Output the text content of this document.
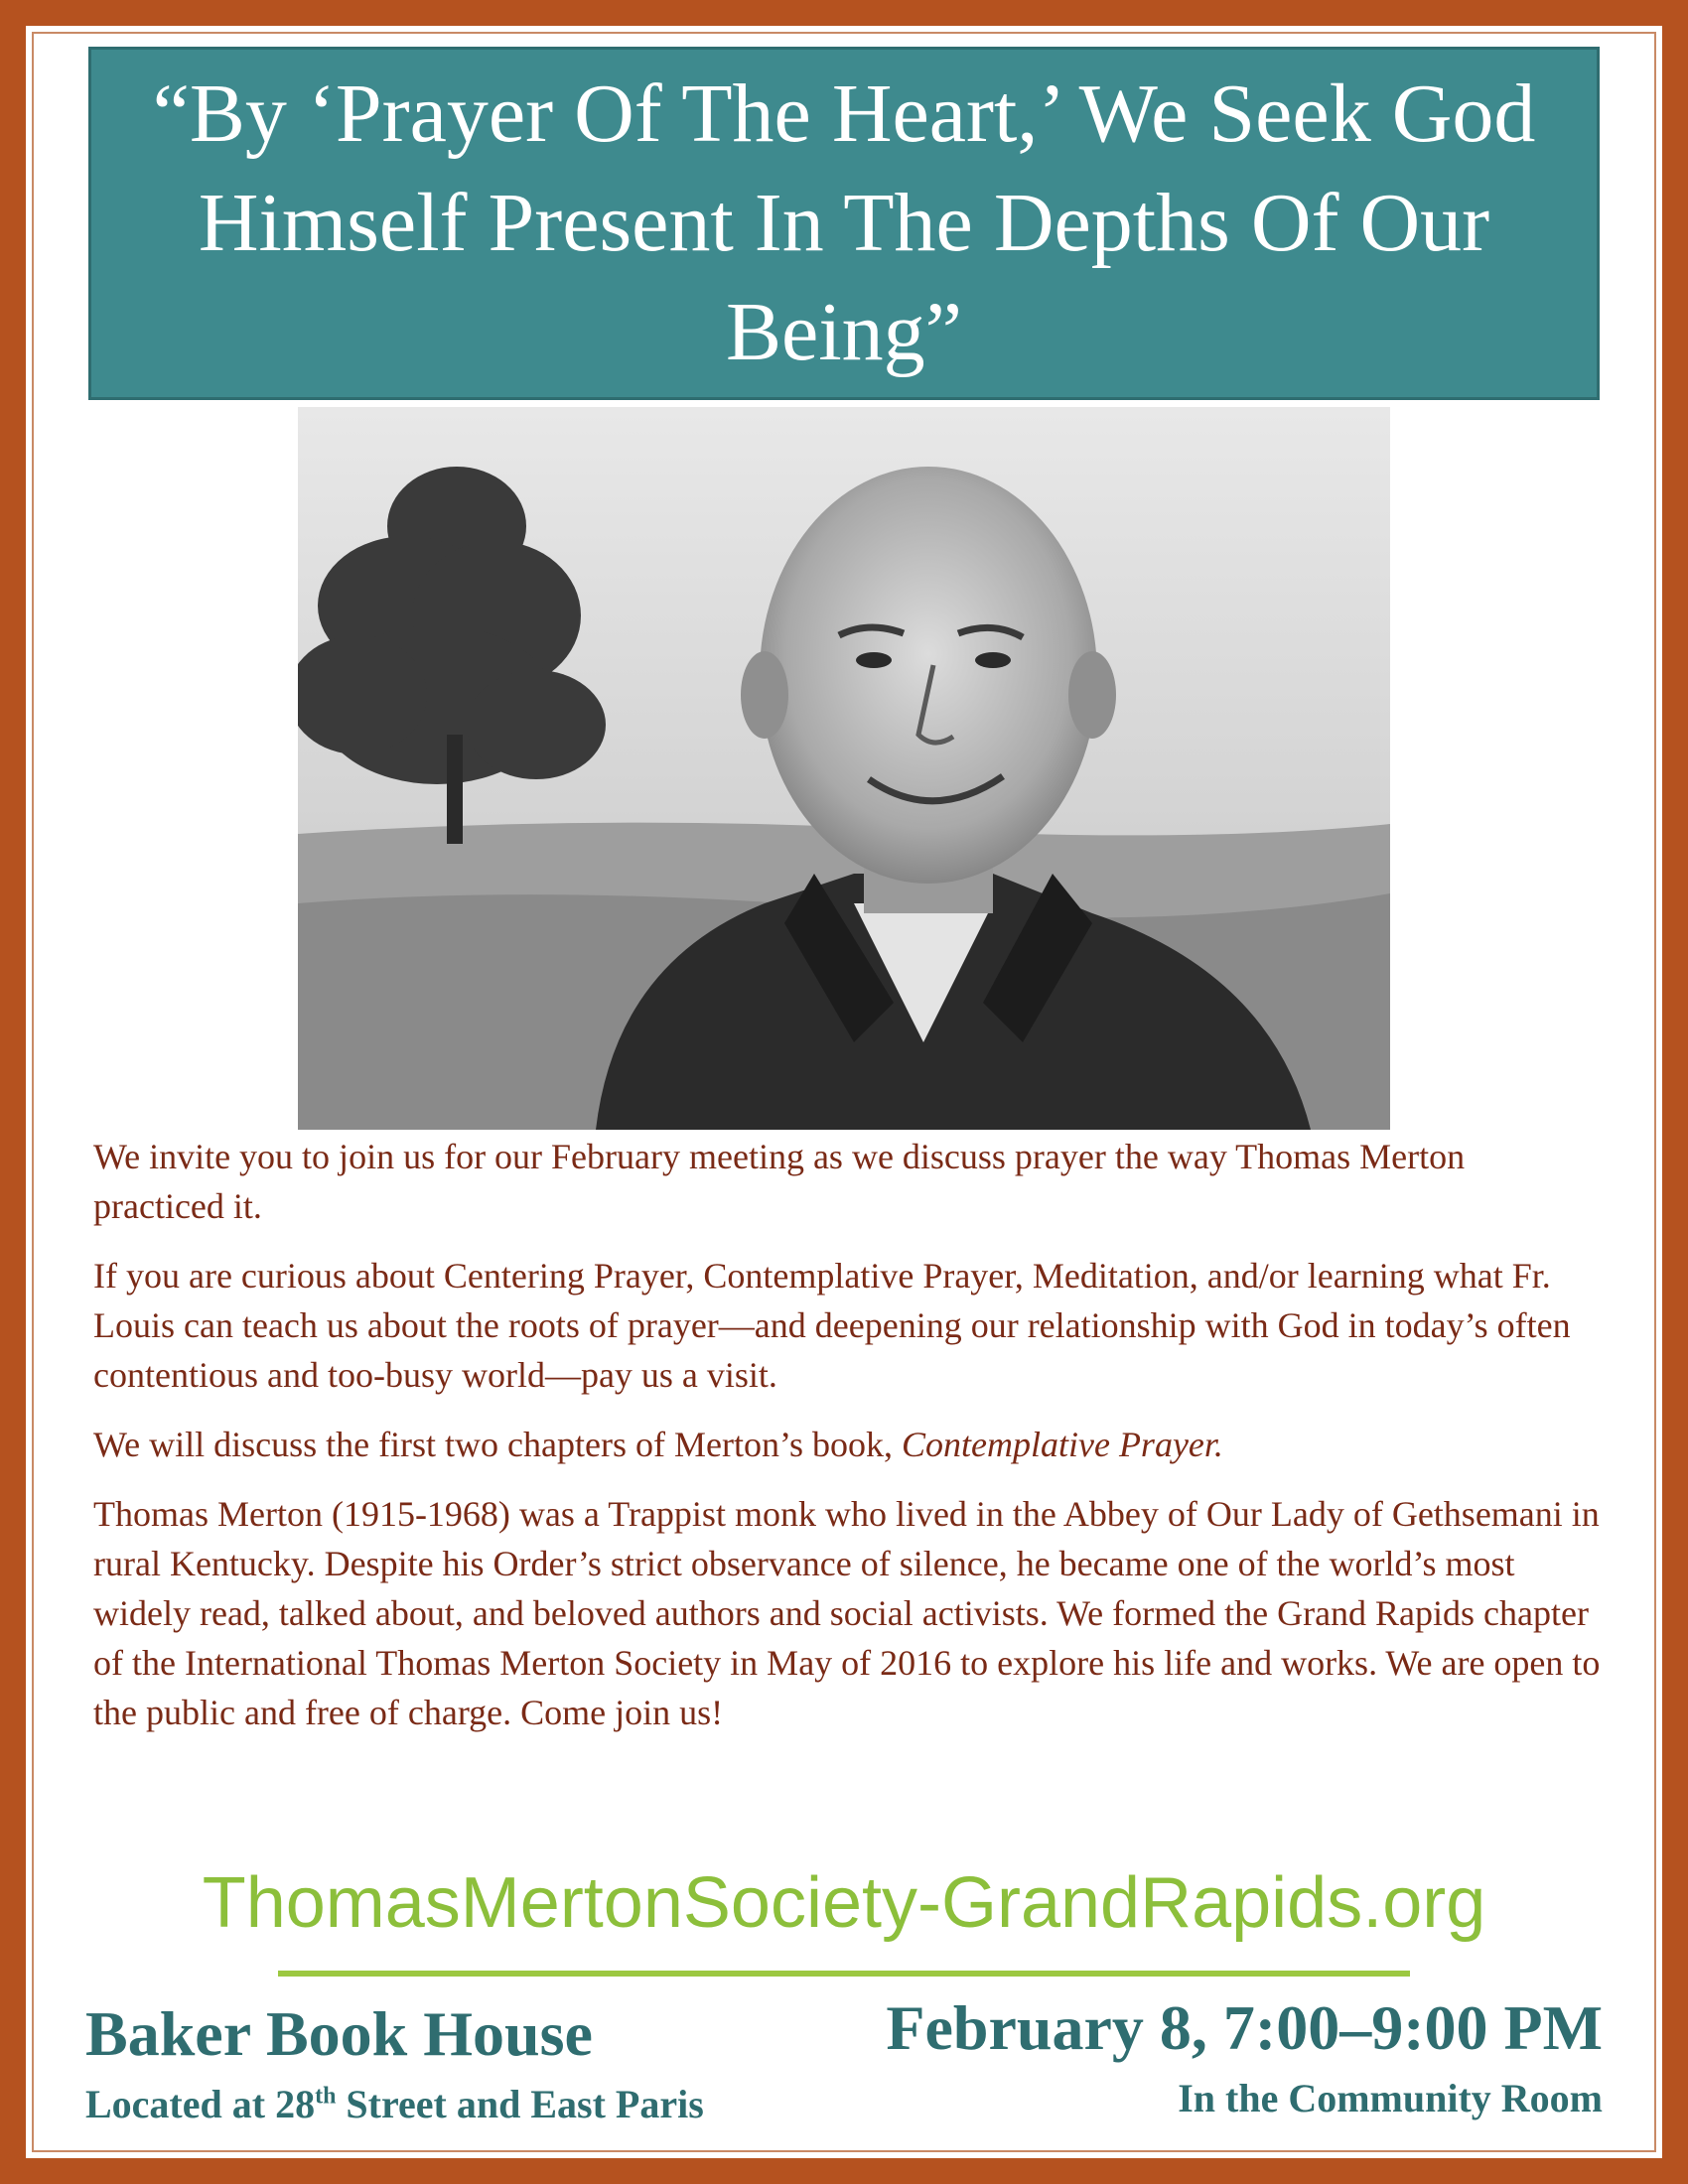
“By ‘Prayer Of The Heart,’ We Seek God Himself Present In The Depths Of Our Being”

We invite you to join us for our February meeting as we discuss prayer the way Thomas Merton practiced it.

If you are curious about Centering Prayer, Contemplative Prayer, Meditation, and/or learning what Fr. Louis can teach us about the roots of prayer—and deepening our relationship with God in today’s often contentious and too-busy world—pay us a visit.

We will discuss the first two chapters of Merton’s book, Contemplative Prayer.

Thomas Merton (1915-1968) was a Trappist monk who lived in the Abbey of Our Lady of Gethsemani in rural Kentucky. Despite his Order’s strict observance of silence, he became one of the world’s most widely read, talked about, and beloved authors and social activists. We formed the Grand Rapids chapter of the International Thomas Merton Society in May of 2016 to explore his life and works. We are open to the public and free of charge. Come join us!

ThomasMertonSociety-GrandRapids.org
Baker Book House
Located at 28th Street and East Paris
February 8, 7:00–9:00 PM
In the Community Room
